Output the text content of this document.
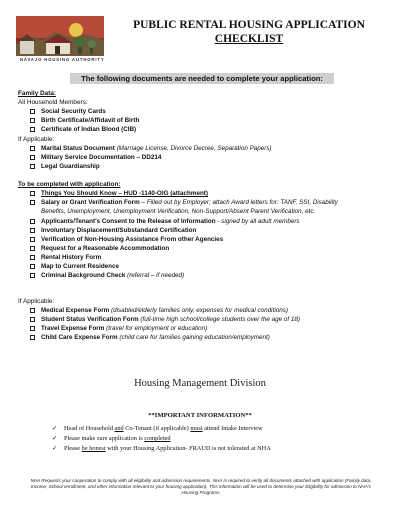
NAVAJO HOUSING AUTHORITY
PUBLIC RENTAL HOUSING APPLICATION
CHECKLIST
The following documents are needed to complete your application:
Family Data:
All Household Members:
Social Security Cards
Birth Certificate/Affidavit of Birth
Certificate of Indian Blood (CIB)
If Applicable:
Marital Status Document (Marriage License, Divorce Decree, Separation Papers)
Military Service Documentation – DD214
Legal Guardianship
To be completed with application:
Things You Should Know – HUD -1140-OIG (attachment)
Salary or Grant Verification Form – Filled out by Employer; attach Award letters for: TANF, SSI, Disability
Benefits, Unemployment, Unemployment Verification, Non-Support/Absent Parent Verification, etc.
Applicants/Tenant's Consent to the Release of Information - signed by all adult members
Involuntary Displacement/Substandard Certification
Verification of Non-Housing Assistance From other Agencies
Request for a Reasonable Accommodation
Rental History Form
Map to Current Residence
Criminal Background Check (referral – if needed)
If Applicable:
Medical Expense Form (disabled/elderly families only, expenses for medical conditions)
Student Status Verification Form (full-time high school/college students over the age of 18)
Travel Expense Form (travel for employment or education)
Child Care Expense Form (child care for families gaining education/employment)
Housing Management Division
**IMPORTANT INFORMATION**
✓ Head of Household and Co-Tenant (if applicable) must attend Intake Interview
✓ Please make sure application is completed
✓ Please be honest with your Housing Application- FRAUD is not tolerated at NHA
NHA Requests your cooperation to comply with all eligibility and admission requirements. NHA is required to verify all documents attached with application (Family data, Income, School enrollment, and other information relevant to your housing application). This information will be used to determine your Eligibility for admission to NHA's Housing Programs.
